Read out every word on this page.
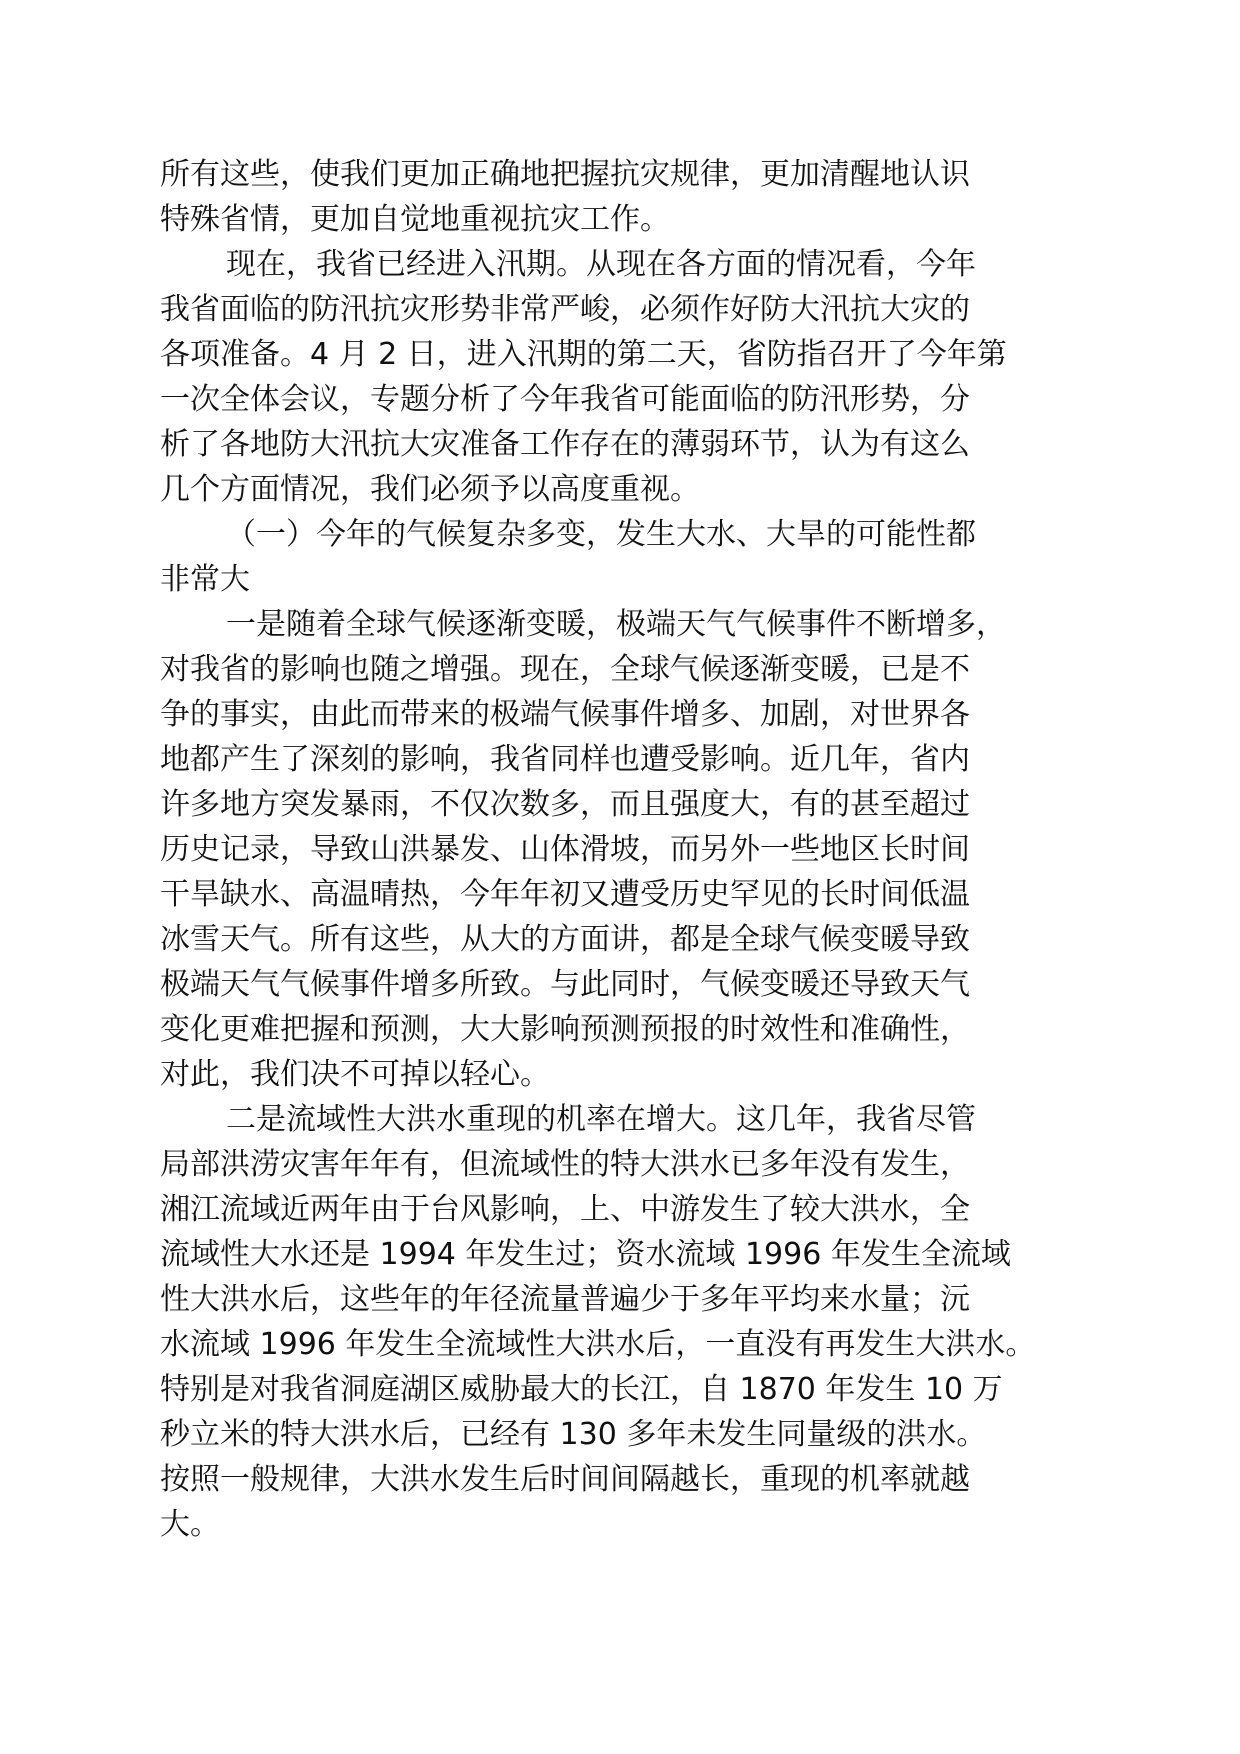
所有这些，使我们更加正确地把握抗灾规律，更加清醒地认识
特殊省情，更加自觉地重视抗灾工作。
现在，我省已经进入汛期。从现在各方面的情况看，今年
我省面临的防汛抗灾形势非常严峻，必须作好防大汛抗大灾的
各项准备。4 月 2 日，进入汛期的第二天，省防指召开了今年第
一次全体会议，专题分析了今年我省可能面临的防汛形势，分
析了各地防大汛抗大灾准备工作存在的薄弱环节，认为有这么
几个方面情况，我们必须予以高度重视。
（一）今年的气候复杂多变，发生大水、大旱的可能性都
非常大
一是随着全球气候逐渐变暖，极端天气气候事件不断增多，
对我省的影响也随之增强。现在，全球气候逐渐变暖，已是不
争的事实，由此而带来的极端气候事件增多、加剧，对世界各
地都产生了深刻的影响，我省同样也遭受影响。近几年，省内
许多地方突发暴雨，不仅次数多，而且强度大，有的甚至超过
历史记录，导致山洪暴发、山体滑坡，而另外一些地区长时间
干旱缺水、高温晴热，今年年初又遭受历史罕见的长时间低温
冰雪天气。所有这些，从大的方面讲，都是全球气候变暖导致
极端天气气候事件增多所致。与此同时，气候变暖还导致天气
变化更难把握和预测，大大影响预测预报的时效性和准确性，
对此，我们决不可掉以轻心。
二是流域性大洪水重现的机率在增大。这几年，我省尽管
局部洪涝灾害年年有，但流域性的特大洪水已多年没有发生，
湘江流域近两年由于台风影响，上、中游发生了较大洪水，全
流域性大水还是 1994 年发生过；资水流域 1996 年发生全流域
性大洪水后，这些年的年径流量普遍少于多年平均来水量；沅
水流域 1996 年发生全流域性大洪水后，一直没有再发生大洪水。
特别是对我省洞庭湖区威胁最大的长江，自 1870 年发生 10 万
秒立米的特大洪水后，已经有 130 多年未发生同量级的洪水。
按照一般规律，大洪水发生后时间间隔越长，重现的机率就越
大。
